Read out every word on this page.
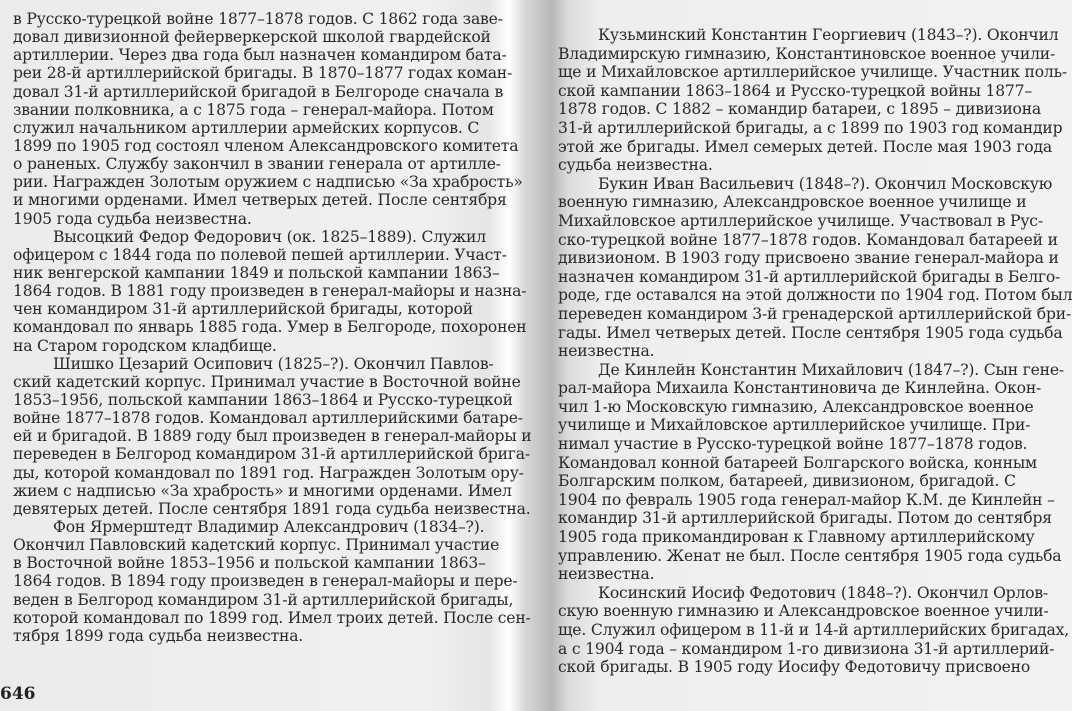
в Русско-турецкой войне 1877–1878 годов. С 1862 года заве-
довал дивизионной фейерверкерской школой гвардейской
артиллерии. Через два года был назначен командиром бата-
реи 28-й артиллерийской бригады. В 1870–1877 годах коман-
довал 31-й артиллерийской бригадой в Белгороде сначала в
звании полковника, а с 1875 года – генерал-майора. Потом
служил начальником артиллерии армейских корпусов. С
1899 по 1905 год состоял членом Александровского комитета
о раненых. Службу закончил в звании генерала от артилле-
рии. Награжден Золотым оружием с надписью «За храбрость»
и многими орденами. Имел четверых детей. После сентября
1905 года судьба неизвестна.
Высоцкий Федор Федорович (ок. 1825–1889). Служил
офицером с 1844 года по полевой пешей артиллерии. Участ-
ник венгерской кампании 1849 и польской кампании 1863–
1864 годов. В 1881 году произведен в генерал-майоры и назна-
чен командиром 31-й артиллерийской бригады, которой
командовал по январь 1885 года. Умер в Белгороде, похоронен
на Старом городском кладбище.
Шишко Цезарий Осипович (1825–?). Окончил Павлов-
ский кадетский корпус. Принимал участие в Восточной войне
1853–1956, польской кампании 1863–1864 и Русско-турецкой
войне 1877–1878 годов. Командовал артиллерийскими батаре-
ей и бригадой. В 1889 году был произведен в генерал-майоры и
переведен в Белгород командиром 31-й артиллерийской брига-
ды, которой командовал по 1891 год. Награжден Золотым ору-
жием с надписью «За храбрость» и многими орденами. Имел
девятерых детей. После сентября 1891 года судьба неизвестна.
Фон Ярмерштедт Владимир Александрович (1834–?).
Окончил Павловский кадетский корпус. Принимал участие
в Восточной войне 1853–1956 и польской кампании 1863–
1864 годов. В 1894 году произведен в генерал-майоры и пере-
веден в Белгород командиром 31-й артиллерийской бригады,
которой командовал по 1899 год. Имел троих детей. После сен-
тября 1899 года судьба неизвестна.
Кузьминский Константин Георгиевич (1843–?). Окончил
Владимирскую гимназию, Константиновское военное учили-
ще и Михайловское артиллерийское училище. Участник поль-
ской кампании 1863–1864 и Русско-турецкой войны 1877–
1878 годов. С 1882 – командир батареи, с 1895 – дивизиона
31-й артиллерийской бригады, а с 1899 по 1903 год командир
этой же бригады. Имел семерых детей. После мая 1903 года
судьба неизвестна.
Букин Иван Васильевич (1848–?). Окончил Московскую
военную гимназию, Александровское военное училище и
Михайловское артиллерийское училище. Участвовал в Рус-
ско-турецкой войне 1877–1878 годов. Командовал батареей и
дивизионом. В 1903 году присвоено звание генерал-майора и
назначен командиром 31-й артиллерийской бригады в Белго-
роде, где оставался на этой должности по 1904 год. Потом был
переведен командиром 3-й гренадерской артиллерийской бри-
гады. Имел четверых детей. После сентября 1905 года судьба
неизвестна.
Де Кинлейн Константин Михайлович (1847–?). Сын гене-
рал-майора Михаила Константиновича де Кинлейна. Окон-
чил 1-ю Московскую гимназию, Александровское военное
училище и Михайловское артиллерийское училище. При-
нимал участие в Русско-турецкой войне 1877–1878 годов.
Командовал конной батареей Болгарского войска, конным
Болгарским полком, батареей, дивизионом, бригадой. С
1904 по февраль 1905 года генерал-майор К.М. де Кинлейн –
командир 31-й артиллерийской бригады. Потом до сентября
1905 года прикомандирован к Главному артиллерийскому
управлению. Женат не был. После сентября 1905 года судьба
неизвестна.
Косинский Иосиф Федотович (1848–?). Окончил Орлов-
скую военную гимназию и Александровское военное учили-
ще. Служил офицером в 11-й и 14-й артиллерийских бригадах,
а с 1904 года – командиром 1-го дивизиона 31-й артиллерий-
ской бригады. В 1905 году Иосифу Федотовичу присвоено
646
